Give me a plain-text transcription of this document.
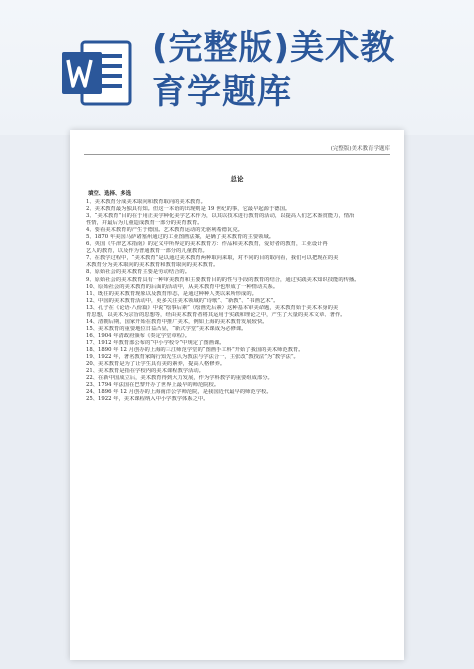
(完整版)美术教
育学题库
(完整版)美术教育学题库
总论
填空、选择、多选
1、美术教育分成美术取向和教育取向的美术教育。
2、美术教育最为独具有知。但这一本语的出现则是 19 世纪的事，它最早起源于德国。
3、“美术教育”目的在于用正美学种化美学艺术作为，以其以技术进行教育的活动，以提高人们艺术鉴赏能力，情冶
性情，并最后为儿童造成教育一部分的美育教育。
4、要看美术教育的产生于德国。艺术教育运动的先驱利希德瓦克。
5、1870 年美国马萨诸塞州通过的工业图画法案，是确了美术教育的主要领域。
6、英国《牛津艺术指南》的定义中所界定的美术教育方：作品和美术教育，爱好者的教育，工业设计再
艺人的教育，以及作为普通教育一部分的儿童教育。
7、在教学过程中，“美术教育”是以通过美术教育两种取向来取，对不同的目的取向看，我们可以把现在的美
术教育分为美术取向的美术教育和教育取向的美术教育。
8、原始社会的美术教育主要是劳动结合的。
9、原始社会的美术教育具有一种审美教育和主要教育目的的性与手段的教育的结合，通过实践美术知识技能的传播。
10、原始社会的美术教育的后面的活动中，从美术教育中也形成了一种情动关系。
11、既往的美术教育现象以及教育形态，是通过种种人类以来所形成的。
12、中国的美术教育活动中，更多关注美术领域的“诗歌”、“新教”、“书画艺术”。
13、孔子在《论语·八佾篇》中说“绘事后素”（绘画先后素）这种基本审美命题，美术教育始于美术本身的美
育思想，以美术为宗旨的思想等，经由美术教育者将其运用于实践和理论之中，产生了大量的美术文章、著作。
14、清朝后期，国家开始在教育中推广美术，例如上海的美术教育发展较快。
15、美术教育的重要地位日益凸显，“新式学堂”美术课成为必修课。
16、1904 年清政府颁布《奏定学堂章程》。
17、1912 年教育部公布的“中小学校令”中规定了图画课。
18、1890 年 12 月创办的上海的三江师范学堂的“图画手工科”开始了我国的美术师范教育。
19、1922 年，著名教育家陶行知先生认为教法与学法合一，主张改“教授法”为“教学法”。
20、美术教育是为了让学生具有美的素养，提高人格修养。
21、美术教育是指在学校内的美术课程教学活动。
22、在新中国成立后，美术教育得到大力发展，作为学科教学的重要组成部分。
23、1794 年法国在巴黎开办了世界上最早的师范院校。
24、1896 年 12 月创办的上海南洋公学师范院，是我国近代最早的师范学校。
25、1922 年，美术课程纳入中小学教学体系之中。
